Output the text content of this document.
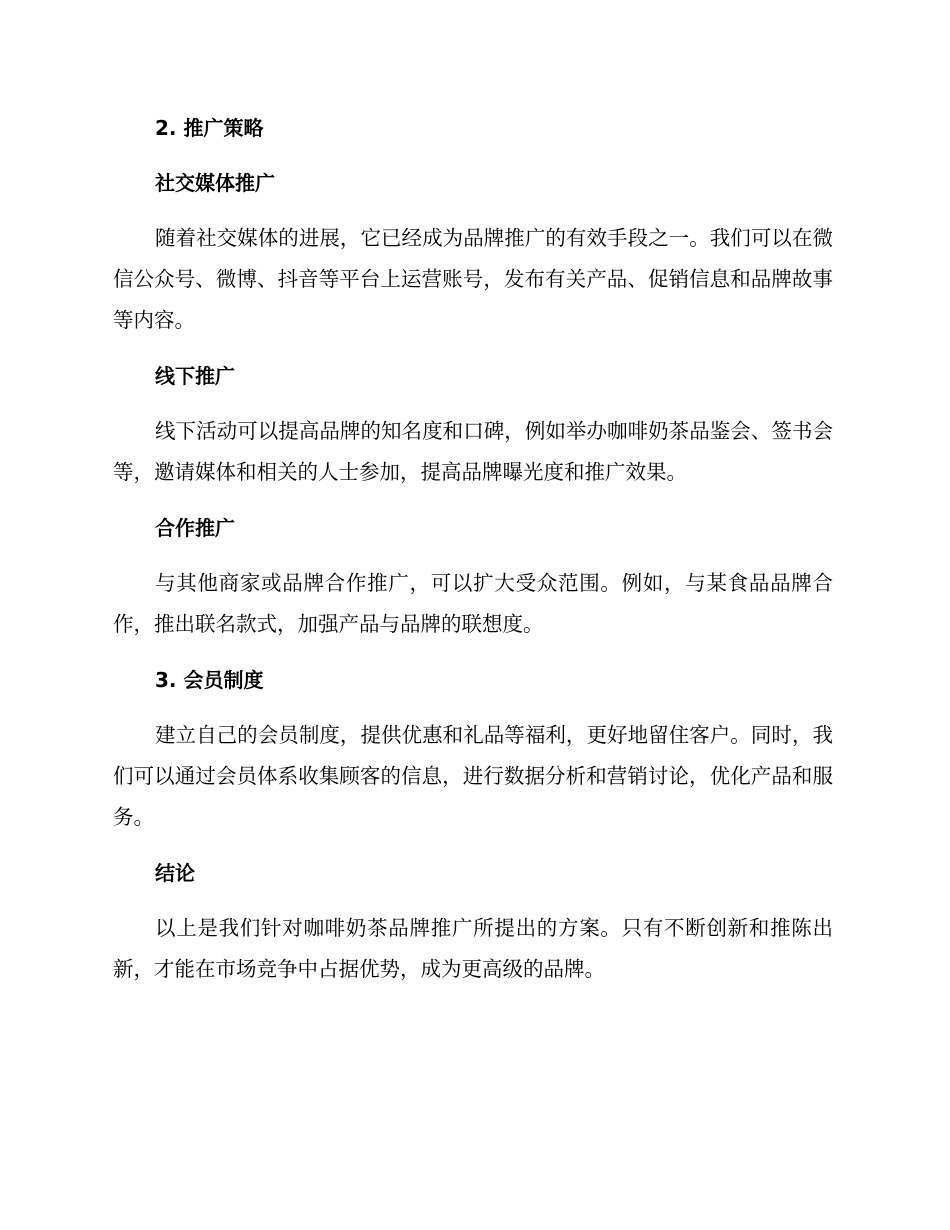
2. 推广策略
社交媒体推广

随着社交媒体的进展，它已经成为品牌推广的有效手段之一。我们可以在微信公众号、微博、抖音等平台上运营账号，发布有关产品、促销信息和品牌故事等内容。

线下推广

线下活动可以提高品牌的知名度和口碑，例如举办咖啡奶茶品鉴会、签书会等，邀请媒体和相关的人士参加，提高品牌曝光度和推广效果。

合作推广

与其他商家或品牌合作推广，可以扩大受众范围。例如，与某食品品牌合作，推出联名款式，加强产品与品牌的联想度。

3. 会员制度

建立自己的会员制度，提供优惠和礼品等福利，更好地留住客户。同时，我们可以通过会员体系收集顾客的信息，进行数据分析和营销讨论，优化产品和服务。

结论

以上是我们针对咖啡奶茶品牌推广所提出的方案。只有不断创新和推陈出新，才能在市场竞争中占据优势，成为更高级的品牌。
